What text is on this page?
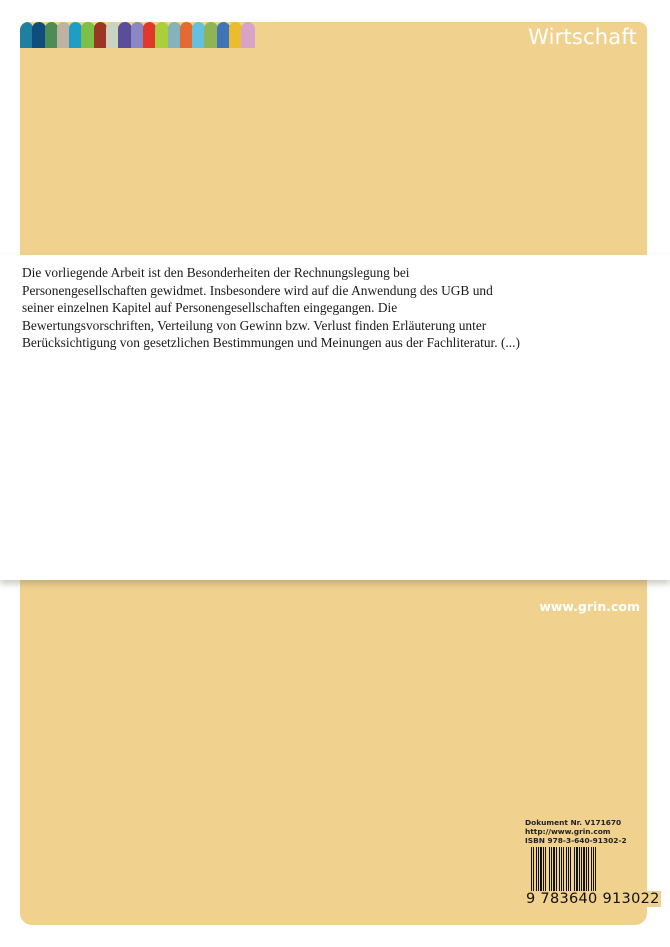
Wirtschaft

Die vorliegende Arbeit ist den Besonderheiten der Rechnungslegung bei Personengesellschaften gewidmet. Insbesondere wird auf die Anwendung des UGB und seiner einzelnen Kapitel auf Personengesellschaften eingegangen. Die Bewertungsvorschriften, Verteilung von Gewinn bzw. Verlust finden Erläuterung unter Berücksichtigung von gesetzlichen Bestimmungen und Meinungen aus der Fachliteratur. (...)

www.grin.com
Dokument Nr. V171670
http://www.grin.com
ISBN 978-3-640-91302-2
9 783640 913022
